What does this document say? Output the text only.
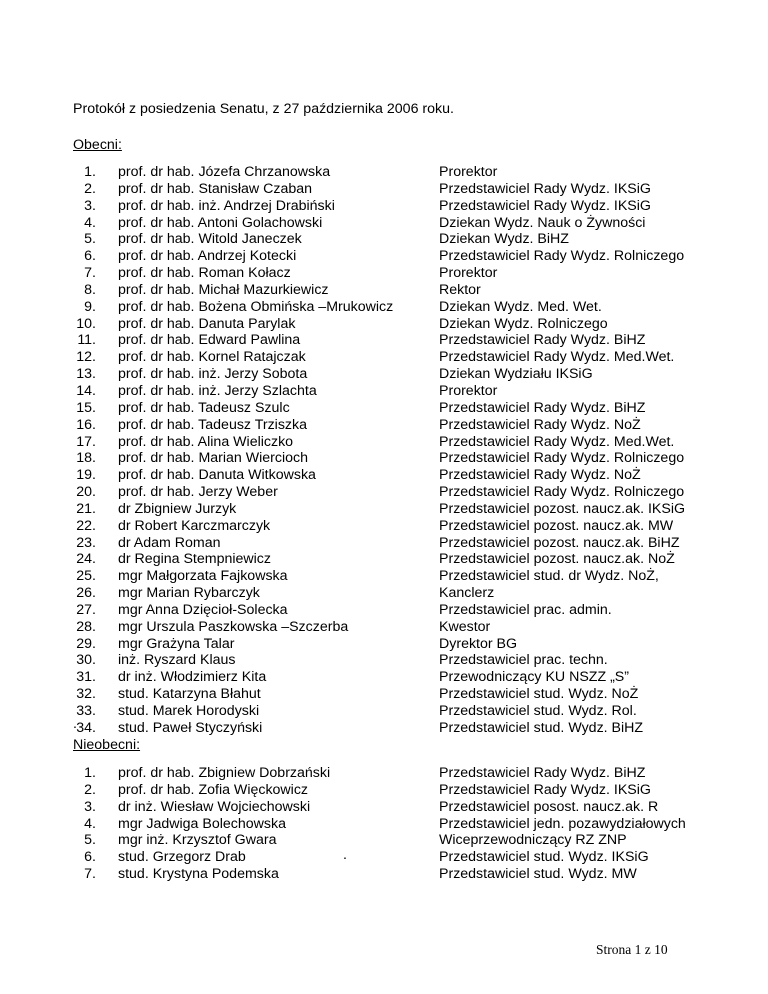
Protokół z posiedzenia Senatu, z 27 października 2006 roku.
Obecni:
1. prof. dr hab. Józefa Chrzanowska	Prorektor
2. prof. dr hab. Stanisław Czaban	Przedstawiciel Rady Wydz. IKSiG
3. prof. dr hab. inż. Andrzej Drabiński	Przedstawiciel Rady Wydz. IKSiG
4. prof. dr hab. Antoni Golachowski	Dziekan Wydz. Nauk o Żywności
5. prof. dr hab. Witold Janeczek	Dziekan Wydz. BiHZ
6. prof. dr hab. Andrzej Kotecki	Przedstawiciel Rady Wydz. Rolniczego
7. prof. dr hab. Roman Kołacz	Prorektor
8. prof. dr hab. Michał Mazurkiewicz	Rektor
9. prof. dr hab. Bożena Obmińska –Mrukowicz	Dziekan Wydz. Med. Wet.
10. prof. dr hab. Danuta Parylak	Dziekan Wydz. Rolniczego
11. prof. dr hab. Edward Pawlina	Przedstawiciel Rady Wydz. BiHZ
12. prof. dr hab. Kornel Ratajczak	Przedstawiciel Rady Wydz. Med.Wet.
13. prof. dr hab. inż. Jerzy Sobota	Dziekan Wydziału IKSiG
14. prof. dr hab. inż. Jerzy Szlachta	Prorektor
15. prof. dr hab. Tadeusz Szulc	Przedstawiciel Rady Wydz. BiHZ
16. prof. dr hab. Tadeusz Trziszka	Przedstawiciel Rady Wydz. NoŻ
17. prof. dr hab. Alina Wieliczko	Przedstawiciel Rady Wydz. Med.Wet.
18. prof. dr hab. Marian Wiercioch	Przedstawiciel Rady Wydz. Rolniczego
19. prof. dr hab. Danuta Witkowska	Przedstawiciel Rady Wydz. NoŻ
20. prof. dr hab. Jerzy Weber	Przedstawiciel Rady Wydz. Rolniczego
21. dr Zbigniew Jurzyk	Przedstawiciel pozost. naucz.ak. IKSiG
22. dr Robert Karczmarczyk	Przedstawiciel pozost. naucz.ak. MW
23. dr Adam Roman	Przedstawiciel pozost. naucz.ak. BiHZ
24. dr Regina Stempniewicz	Przedstawiciel pozost. naucz.ak. NoŻ
25. mgr Małgorzata Fajkowska	Przedstawiciel stud. dr Wydz. NoŻ,
26. mgr Marian Rybarczyk	Kanclerz
27. mgr Anna Dzięcioł-Solecka	Przedstawiciel prac. admin.
28. mgr Urszula Paszkowska –Szczerba	Kwestor
29. mgr Grażyna Talar	Dyrektor BG
30. inż. Ryszard Klaus	Przedstawiciel prac. techn.
31. dr inż. Włodzimierz Kita	Przewodniczący KU NSZZ „S”
32. stud. Katarzyna Błahut	Przedstawiciel stud. Wydz. NoŻ
33. stud. Marek Horodyski	Przedstawiciel stud. Wydz. Rol.
34. stud. Paweł Styczyński	Przedstawiciel stud. Wydz. BiHZ
.
Nieobecni:
1. prof. dr hab. Zbigniew Dobrzański	Przedstawiciel Rady Wydz. BiHZ
2. prof. dr hab. Zofia Więckowicz	Przedstawiciel Rady Wydz. IKSiG
3. dr inż. Wiesław Wojciechowski	Przedstawiciel posost. naucz.ak. R
4. mgr Jadwiga Bolechowska	Przedstawiciel jedn. pozawydziałowych
5. mgr inż. Krzysztof Gwara	Wiceprzewodniczący RZ ZNP
6. stud. Grzegorz Drab	Przedstawiciel stud. Wydz. IKSiG
7. stud. Krystyna Podemska	Przedstawiciel stud. Wydz. MW
.
Strona 1 z 10
